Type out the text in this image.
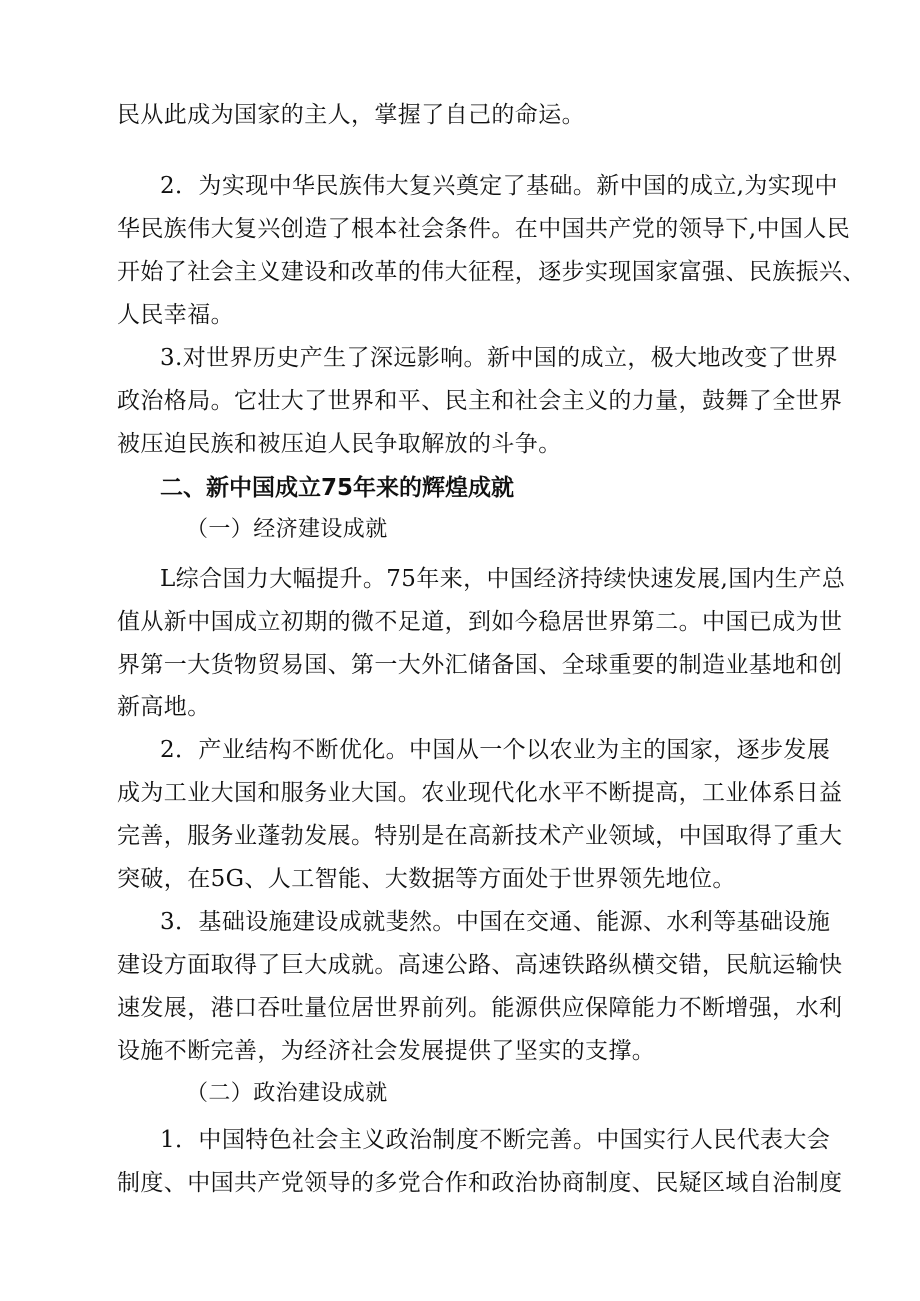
民从此成为国家的主人，掌握了自己的命运。
2．为实现中华民族伟大复兴奠定了基础。新中国的成立,为实现中
华民族伟大复兴创造了根本社会条件。在中国共产党的领导下,中国人民
开始了社会主义建设和改革的伟大征程，逐步实现国家富强、民族振兴、
人民幸福。
3.对世界历史产生了深远影响。新中国的成立，极大地改变了世界
政治格局。它壮大了世界和平、民主和社会主义的力量，鼓舞了全世界
被压迫民族和被压迫人民争取解放的斗争。
二、新中国成立75年来的辉煌成就
（一）经济建设成就
L综合国力大幅提升。75年来，中国经济持续快速发展,国内生产总
值从新中国成立初期的微不足道，到如今稳居世界第二。中国已成为世
界第一大货物贸易国、第一大外汇储备国、全球重要的制造业基地和创
新高地。
2．产业结构不断优化。中国从一个以农业为主的国家，逐步发展
成为工业大国和服务业大国。农业现代化水平不断提高，工业体系日益
完善，服务业蓬勃发展。特别是在高新技术产业领域，中国取得了重大
突破，在5G、人工智能、大数据等方面处于世界领先地位。
3．基础设施建设成就斐然。中国在交通、能源、水利等基础设施
建设方面取得了巨大成就。高速公路、高速铁路纵横交错，民航运输快
速发展，港口吞吐量位居世界前列。能源供应保障能力不断增强，水利
设施不断完善，为经济社会发展提供了坚实的支撑。
（二）政治建设成就
1．中国特色社会主义政治制度不断完善。中国实行人民代表大会
制度、中国共产党领导的多党合作和政治协商制度、民疑区域自治制度
